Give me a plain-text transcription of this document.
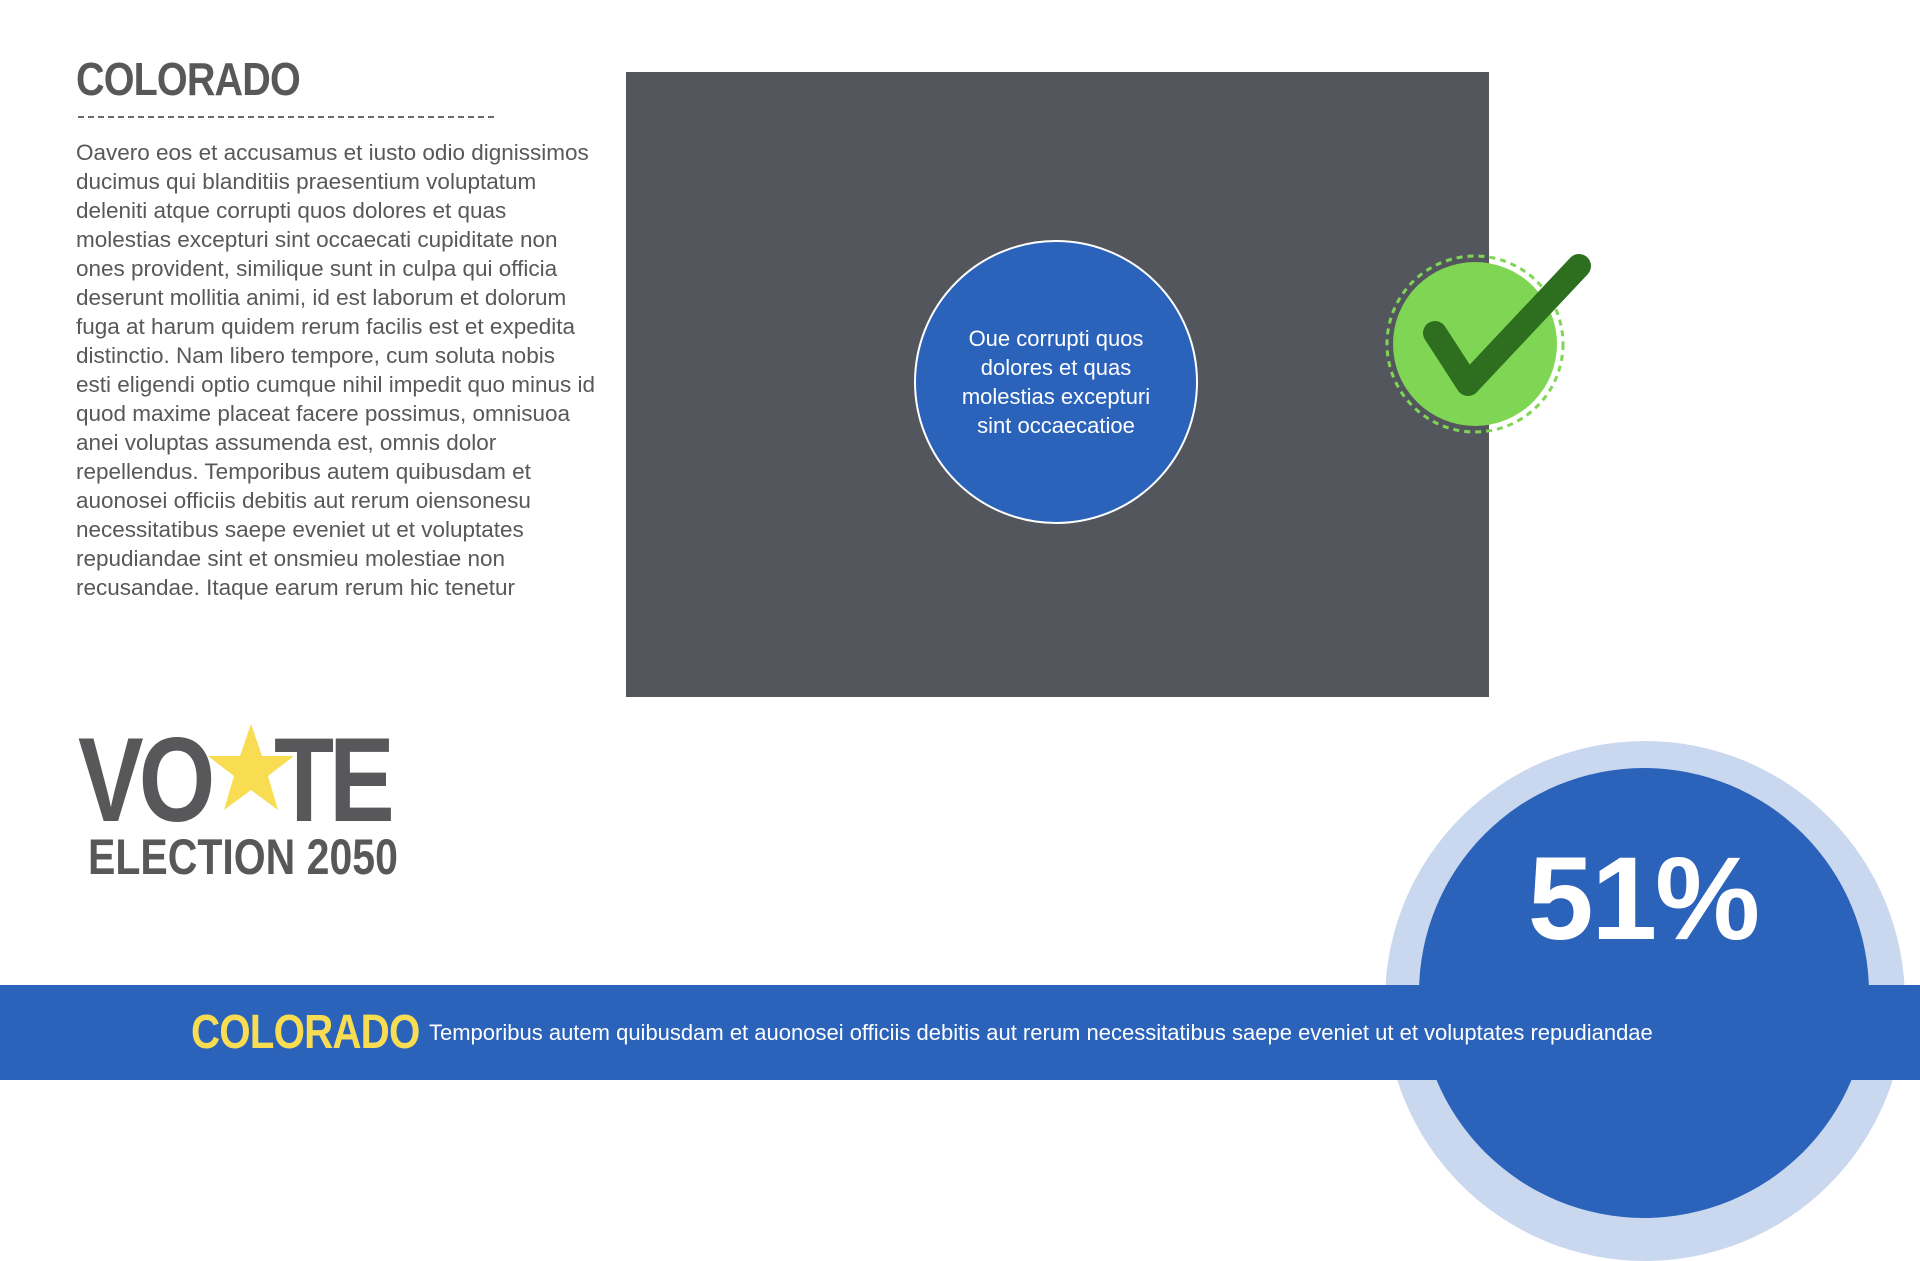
COLORADO

Oavero eos et accusamus et iusto odio dignissimos ducimus qui blanditiis praesentium voluptatum deleniti atque corrupti quos dolores et quas molestias excepturi sint occaecati cupiditate non ones provident, similique sunt in culpa qui officia deserunt mollitia animi, id est laborum et dolorum fuga at harum quidem rerum facilis est et expedita distinctio. Nam libero tempore, cum soluta nobis esti eligendi optio cumque nihil impedit quo minus id quod maxime placeat facere possimus, omnisuoa anei voluptas assumenda est, omnis dolor repellendus. Temporibus autem quibusdam et auonosei officiis debitis aut rerum oiensonesu necessitatibus saepe eveniet ut et voluptates repudiandae sint et onsmieu molestiae non recusandae. Itaque earum rerum hic tenetur

Oue corrupti quos dolores et quas molestias excepturi sint occaecatioe
VO TE
ELECTION 2050	51%
COLORADO Temporibus autem quibusdam et auonosei officiis debitis aut rerum necessitatibus saepe eveniet ut et voluptates repudiandae
